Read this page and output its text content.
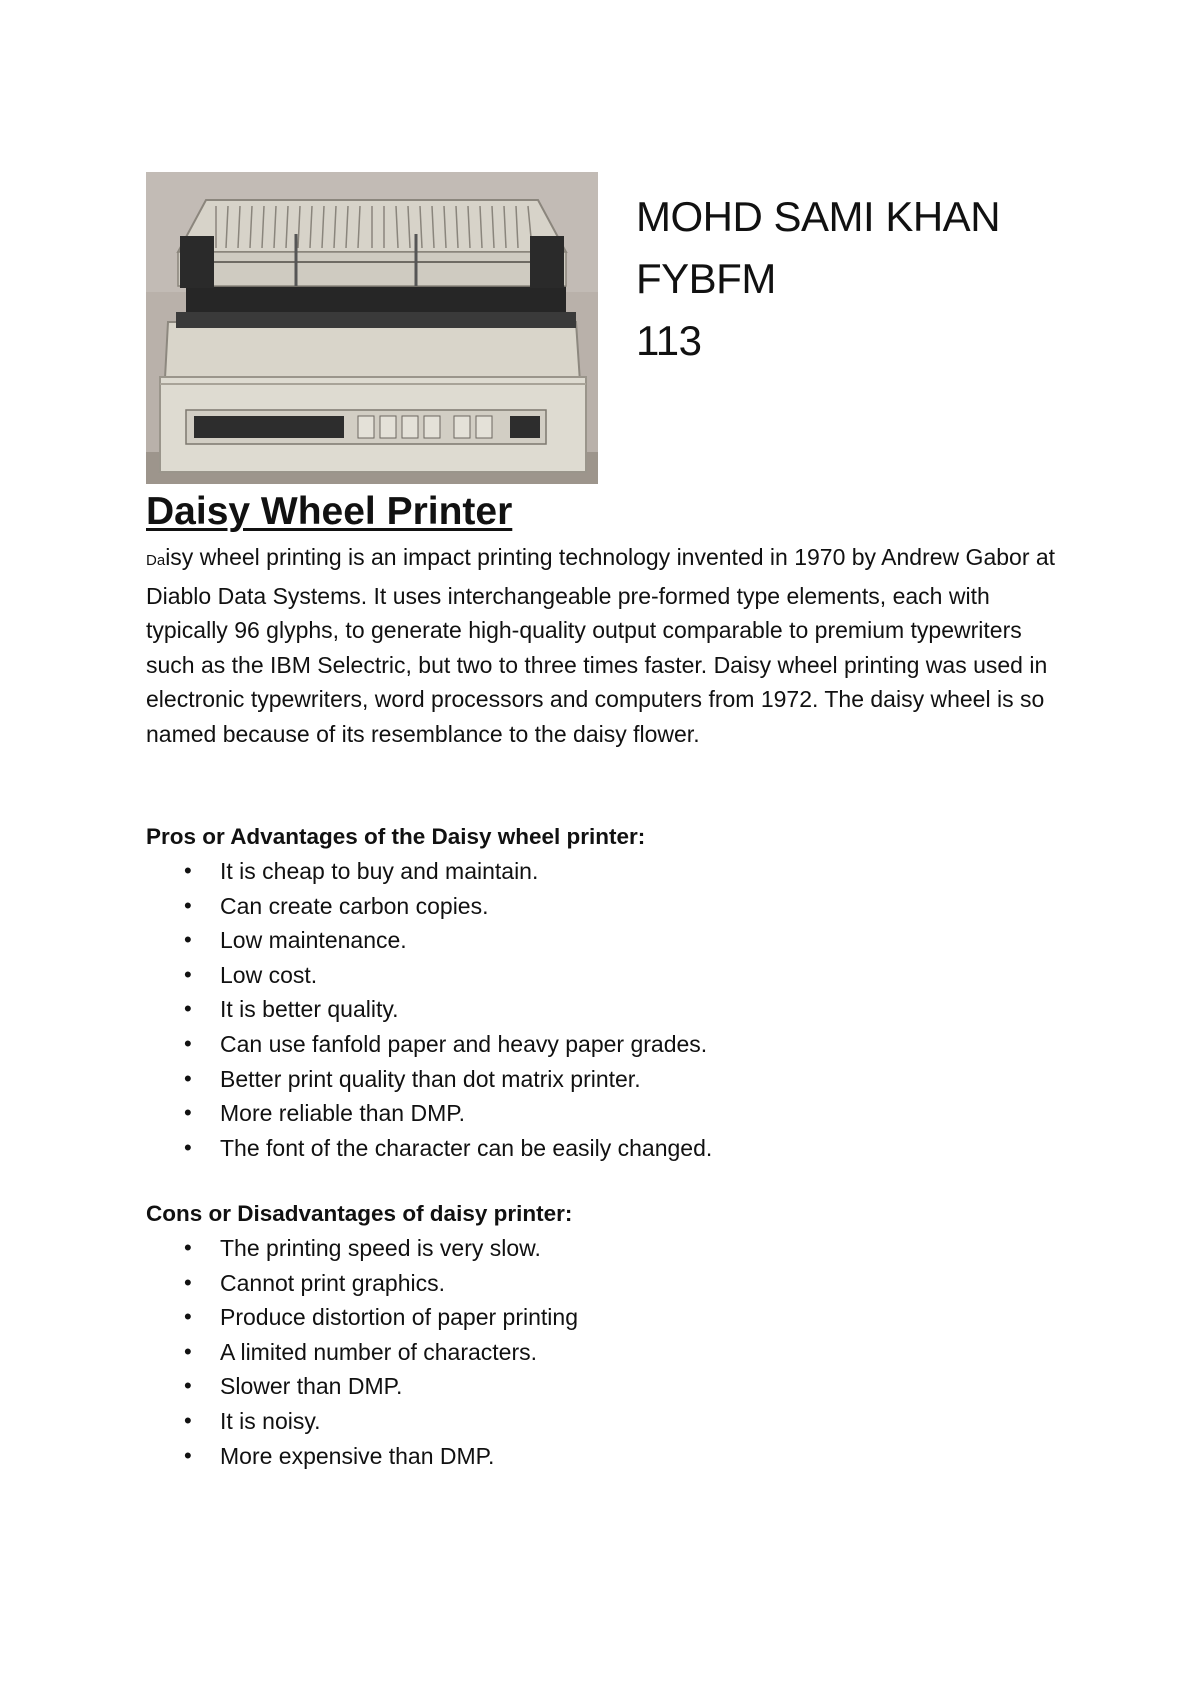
MOHD SAMI KHAN
FYBFM
113
Daisy Wheel Printer

Daisy wheel printing is an impact printing technology invented in 1970 by Andrew Gabor at Diablo Data Systems. It uses interchangeable pre-formed type elements, each with typically 96 glyphs, to generate high-quality output comparable to premium typewriters such as the IBM Selectric, but two to three times faster. Daisy wheel printing was used in electronic typewriters, word processors and computers from 1972. The daisy wheel is so named because of its resemblance to the daisy flower.

Pros or Advantages of the Daisy wheel printer:

• It is cheap to buy and maintain.
• Can create carbon copies.
• Low maintenance.
• Low cost.
• It is better quality.
• Can use fanfold paper and heavy paper grades.
• Better print quality than dot matrix printer.
• More reliable than DMP.
• The font of the character can be easily changed.

Cons or Disadvantages of daisy printer:

• The printing speed is very slow.
• Cannot print graphics.
• Produce distortion of paper printing
• A limited number of characters.
• Slower than DMP.
• It is noisy.
• More expensive than DMP.
